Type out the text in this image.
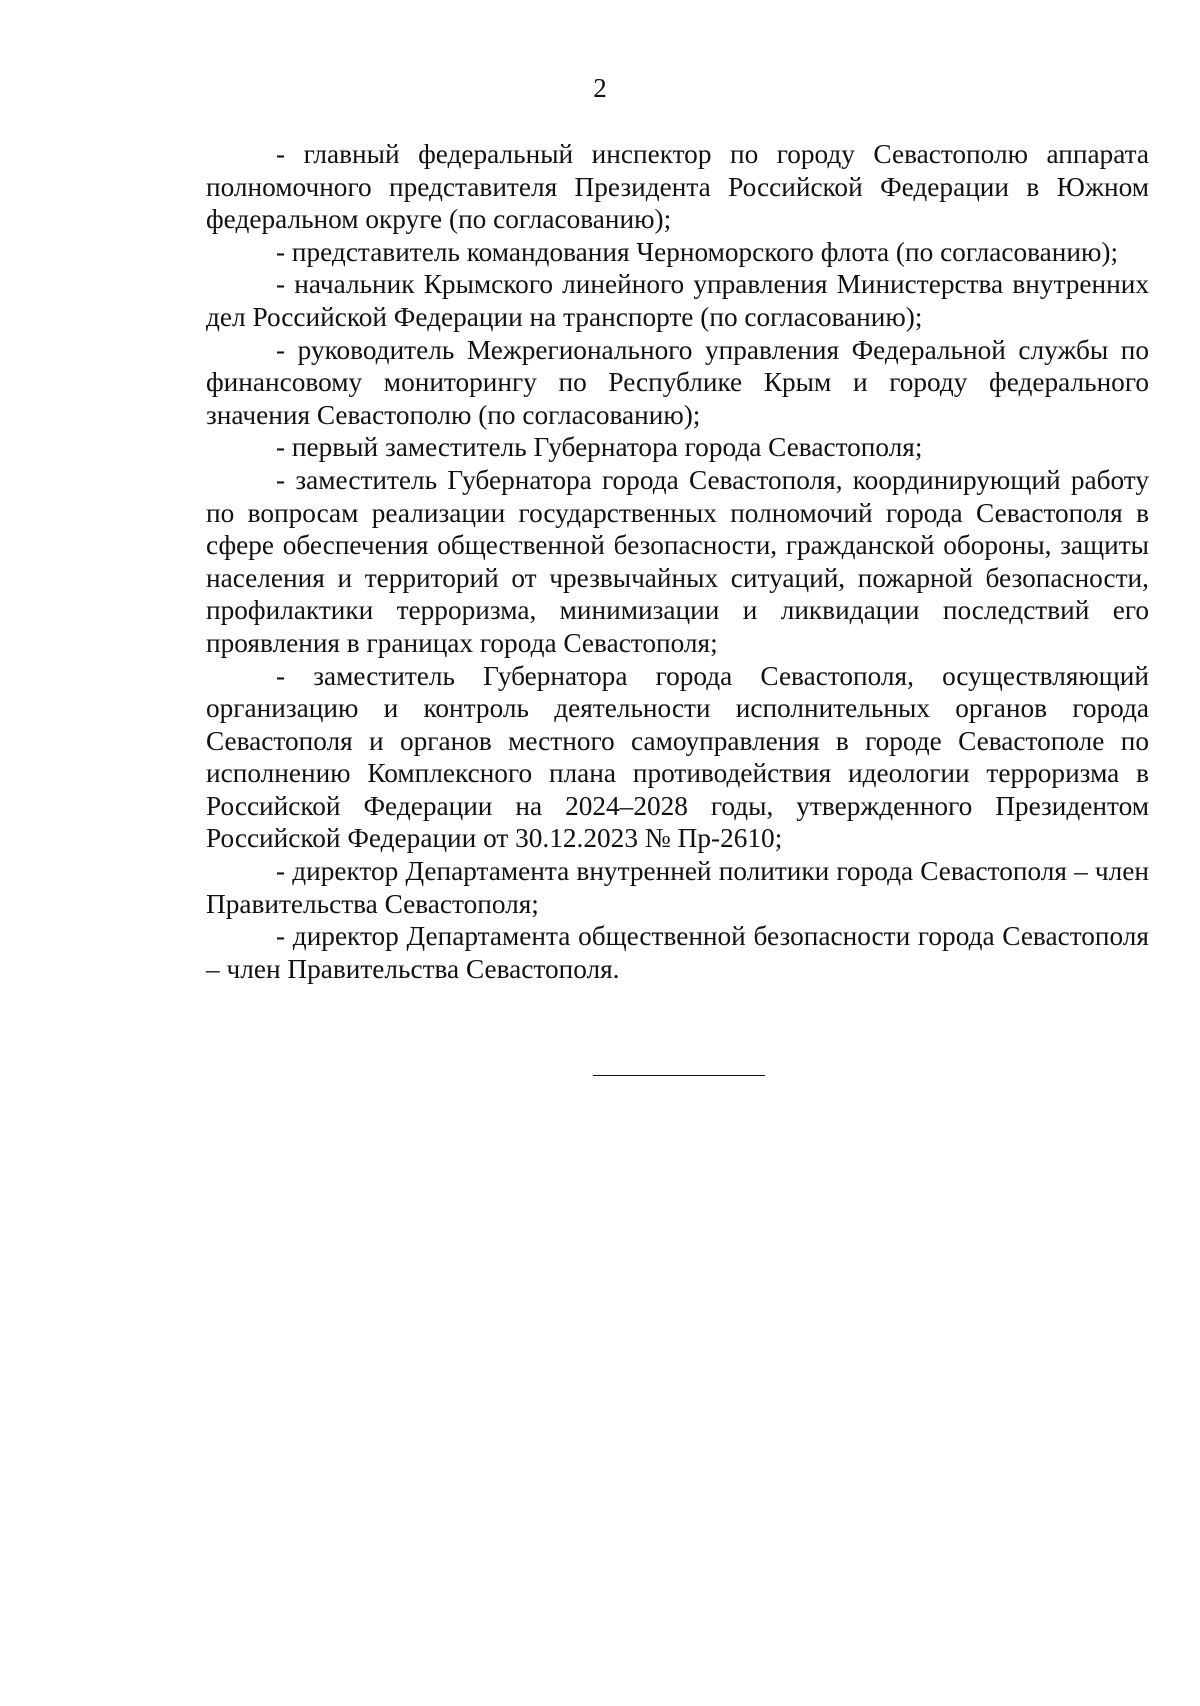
2

- главный федеральный инспектор по городу Севастополю аппарата полномочного представителя Президента Российской Федерации в Южном федеральном округе (по согласованию);

- представитель командования Черноморского флота (по согласованию);

- начальник Крымского линейного управления Министерства внутренних дел Российской Федерации на транспорте (по согласованию);

- руководитель Межрегионального управления Федеральной службы по финансовому мониторингу по Республике Крым и городу федерального значения Севастополю (по согласованию);

- первый заместитель Губернатора города Севастополя;

- заместитель Губернатора города Севастополя, координирующий работу по вопросам реализации государственных полномочий города Севастополя в сфере обеспечения общественной безопасности, гражданской обороны, защиты населения и территорий от чрезвычайных ситуаций, пожарной безопасности, профилактики терроризма, минимизации и ликвидации последствий его проявления в границах города Севастополя;

- заместитель Губернатора города Севастополя, осуществляющий организацию и контроль деятельности исполнительных органов города Севастополя и органов местного самоуправления в городе Севастополе по исполнению Комплексного плана противодействия идеологии терроризма в Российской Федерации на 2024–2028 годы, утвержденного Президентом Российской Федерации от 30.12.2023 № Пр-2610;

- директор Департамента внутренней политики города Севастополя – член Правительства Севастополя;

- директор Департамента общественной безопасности города Севастополя – член Правительства Севастополя.
